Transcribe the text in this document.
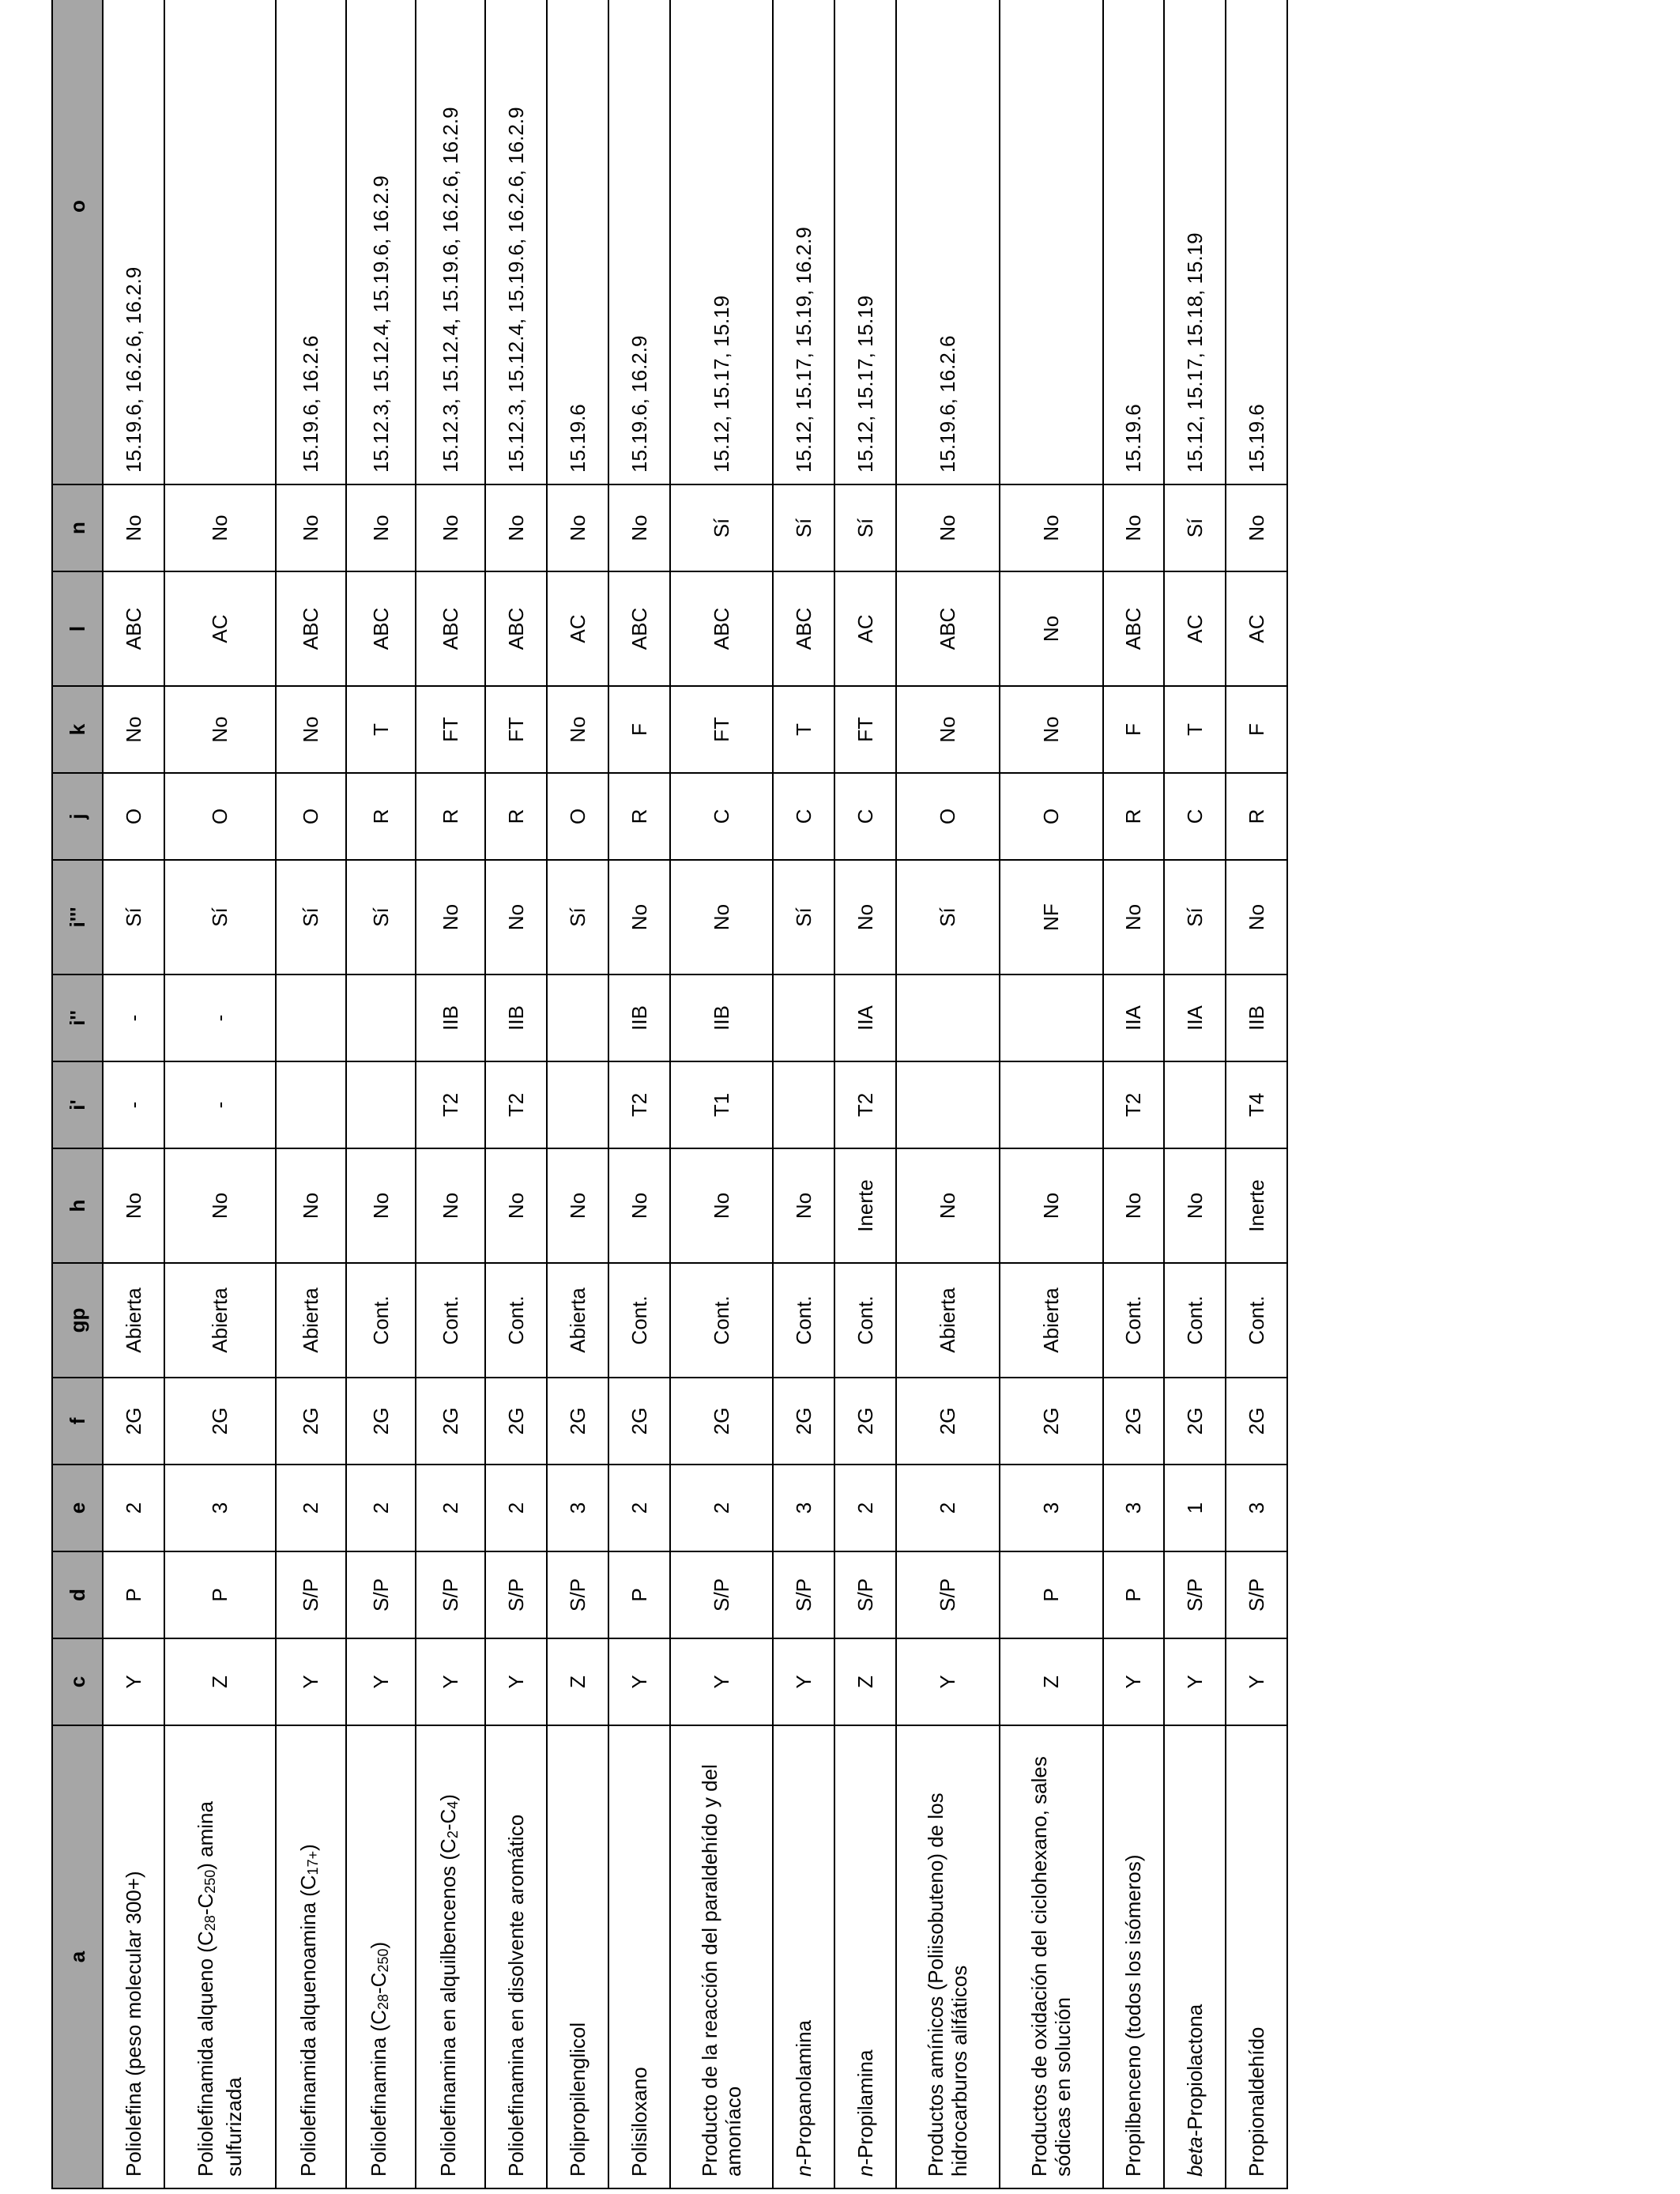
a	c	d	e	f	gp	h	i'	i''	i'''	j	k	l	n	o
Poliolefina (peso molecular 300+)	Y	P	2	2G	Abierta	No	-	-	Sí	O	No	ABC	No	15.19.6, 16.2.6, 16.2.9
Poliolefinamida alqueno $(C_{28}-C_{250})$ amina sulfurizada	Z	P	3	2G	Abierta	No	-	-	Sí	O	No	AC	No	
Poliolefinamida alquenoamina $(C_{17+})$	Y	S/P	2	2G	Abierta	No			Sí	O	No	ABC	No	15.19.6, 16.2.6
Poliolefinamina $(C_{28}-C_{250})$	Y	S/P	2	2G	Cont.	No			Sí	R	T	ABC	No	15.12.3, 15.12.4, 15.19.6, 16.2.9
Poliolefinamina en alquilbencenos $(C_2-C_4)$	Y	S/P	2	2G	Cont.	No	T2	IIB	No	R	FT	ABC	No	15.12.3, 15.12.4, 15.19.6, 16.2.6, 16.2.9
Poliolefinamina en disolvente aromático	Y	S/P	2	2G	Cont.	No	T2	IIB	No	R	FT	ABC	No	15.12.3, 15.12.4, 15.19.6, 16.2.6, 16.2.9
Polipropilenglicol	Z	S/P	3	2G	Abierta	No			Sí	O	No	AC	No	15.19.6
Polisiloxano	Y	P	2	2G	Cont.	No	T2	IIB	No	R	F	ABC	No	15.19.6, 16.2.9
Producto de la reacción del paraldehído y del amoníaco	Y	S/P	2	2G	Cont.	No	T1	IIB	No	C	FT	ABC	Sí	15.12, 15.17, 15.19
n-Propanolamina	Y	S/P	3	2G	Cont.	No			Sí	C	T	ABC	Sí	15.12, 15.17, 15.19, 16.2.9
n-Propilamina	Z	S/P	2	2G	Cont.	Inerte	T2	IIA	No	C	FT	AC	Sí	15.12, 15.17, 15.19
Productos amínicos (Poliisobuteno) de los hidrocarburos alifáticos	Y	S/P	2	2G	Abierta	No			Sí	O	No	ABC	No	15.19.6, 16.2.6
Productos de oxidación del ciclohexano, sales sódicas en solución	Z	P	3	2G	Abierta	No			NF	O	No	No	No	
Propilbenceno (todos los isómeros)	Y	P	3	2G	Cont.	No	T2	IIA	No	R	F	ABC	No	15.19.6
beta-Propiolactona	Y	S/P	1	2G	Cont.	No		IIA	Sí	C	T	AC	Sí	15.12, 15.17, 15.18, 15.19
Propionaldehído	Y	S/P	3	2G	Cont.	Inerte	T4	IIB	No	R	F	AC	No	15.19.6
